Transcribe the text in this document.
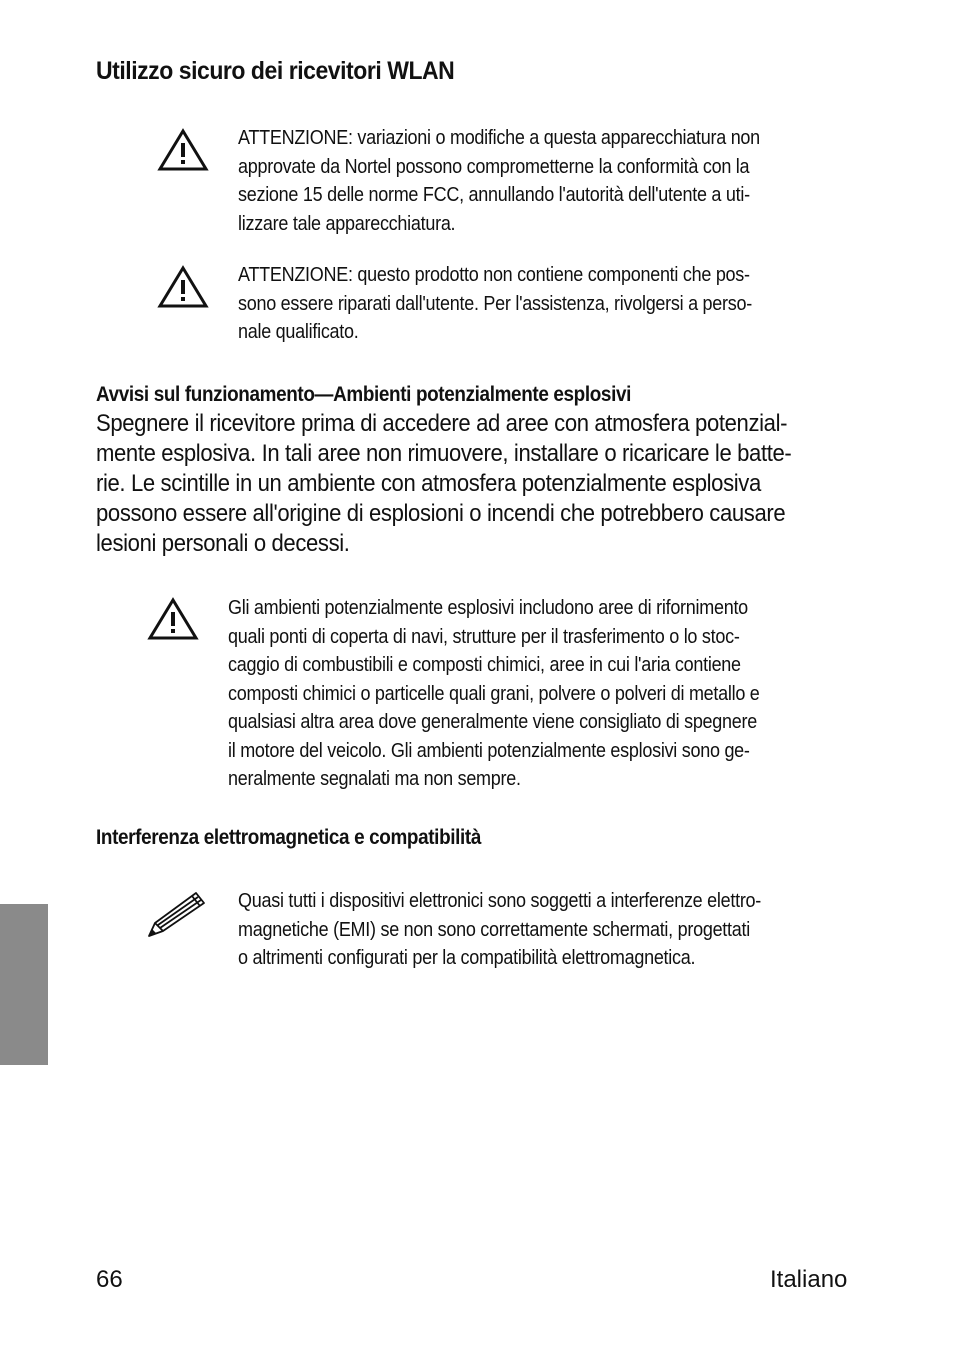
Utilizzo sicuro dei ricevitori WLAN
ATTENZIONE: variazioni o modifiche a questa apparecchiatura non
approvate da Nortel possono comprometterne la conformità con la
sezione 15 delle norme FCC, annullando l'autorità dell'utente a uti-
lizzare tale apparecchiatura.
ATTENZIONE: questo prodotto non contiene componenti che pos-
sono essere riparati dall'utente. Per l'assistenza, rivolgersi a perso-
nale qualificato.
Avvisi sul funzionamento—Ambienti potenzialmente esplosivi
Spegnere il ricevitore prima di accedere ad aree con atmosfera potenzial-
mente esplosiva. In tali aree non rimuovere, installare o ricaricare le batte-
rie. Le scintille in un ambiente con atmosfera potenzialmente esplosiva
possono essere all'origine di esplosioni o incendi che potrebbero causare
lesioni personali o decessi.
Gli ambienti potenzialmente esplosivi includono aree di rifornimento
quali ponti di coperta di navi, strutture per il trasferimento o lo stoc-
caggio di combustibili e composti chimici, aree in cui l'aria contiene
composti chimici o particelle quali grani, polvere o polveri di metallo e
qualsiasi altra area dove generalmente viene consigliato di spegnere
il motore del veicolo. Gli ambienti potenzialmente esplosivi sono ge-
neralmente segnalati ma non sempre.
Interferenza elettromagnetica e compatibilità
Quasi tutti i dispositivi elettronici sono soggetti a interferenze elettro-
magnetiche (EMI) se non sono correttamente schermati, progettati
o altrimenti configurati per la compatibilità elettromagnetica.
66	Italiano
